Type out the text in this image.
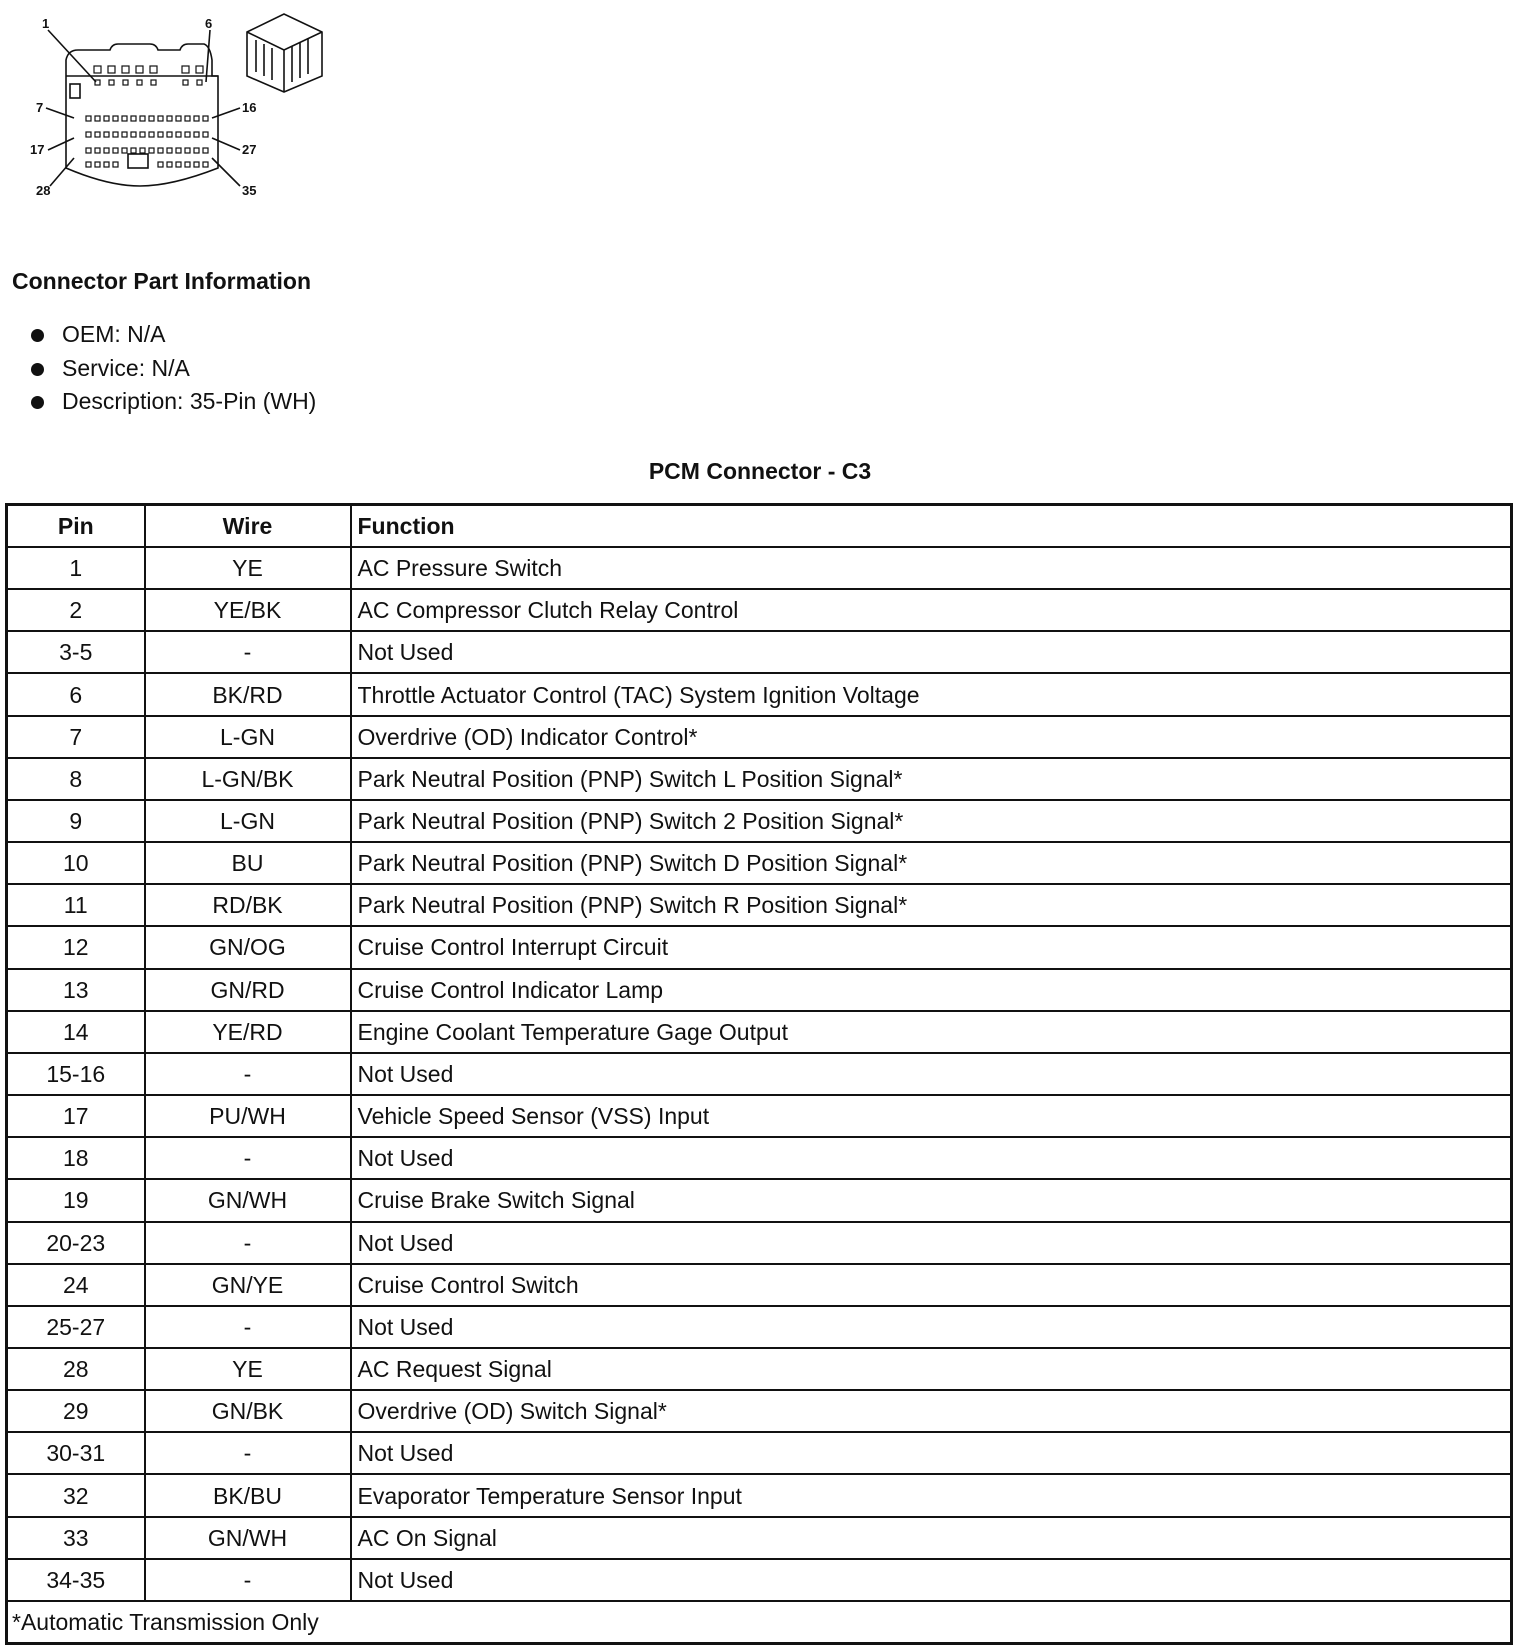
1	6
7	16
17	27
28	35
Connector Part Information
OEM: N/A
Service: N/A
Description: 35-Pin (WH)
PCM Connector - C3
Pin	Wire	Function
1	YE	AC Pressure Switch
2	YE/BK	AC Compressor Clutch Relay Control
3-5	-	Not Used
6	BK/RD	Throttle Actuator Control (TAC) System Ignition Voltage
7	L-GN	Overdrive (OD) Indicator Control*
8	L-GN/BK	Park Neutral Position (PNP) Switch L Position Signal*
9	L-GN	Park Neutral Position (PNP) Switch 2 Position Signal*
10	BU	Park Neutral Position (PNP) Switch D Position Signal*
11	RD/BK	Park Neutral Position (PNP) Switch R Position Signal*
12	GN/OG	Cruise Control Interrupt Circuit
13	GN/RD	Cruise Control Indicator Lamp
14	YE/RD	Engine Coolant Temperature Gage Output
15-16	-	Not Used
17	PU/WH	Vehicle Speed Sensor (VSS) Input
18	-	Not Used
19	GN/WH	Cruise Brake Switch Signal
20-23	-	Not Used
24	GN/YE	Cruise Control Switch
25-27	-	Not Used
28	YE	AC Request Signal
29	GN/BK	Overdrive (OD) Switch Signal*
30-31	-	Not Used
32	BK/BU	Evaporator Temperature Sensor Input
33	GN/WH	AC On Signal
34-35	-	Not Used
*Automatic Transmission Only		
